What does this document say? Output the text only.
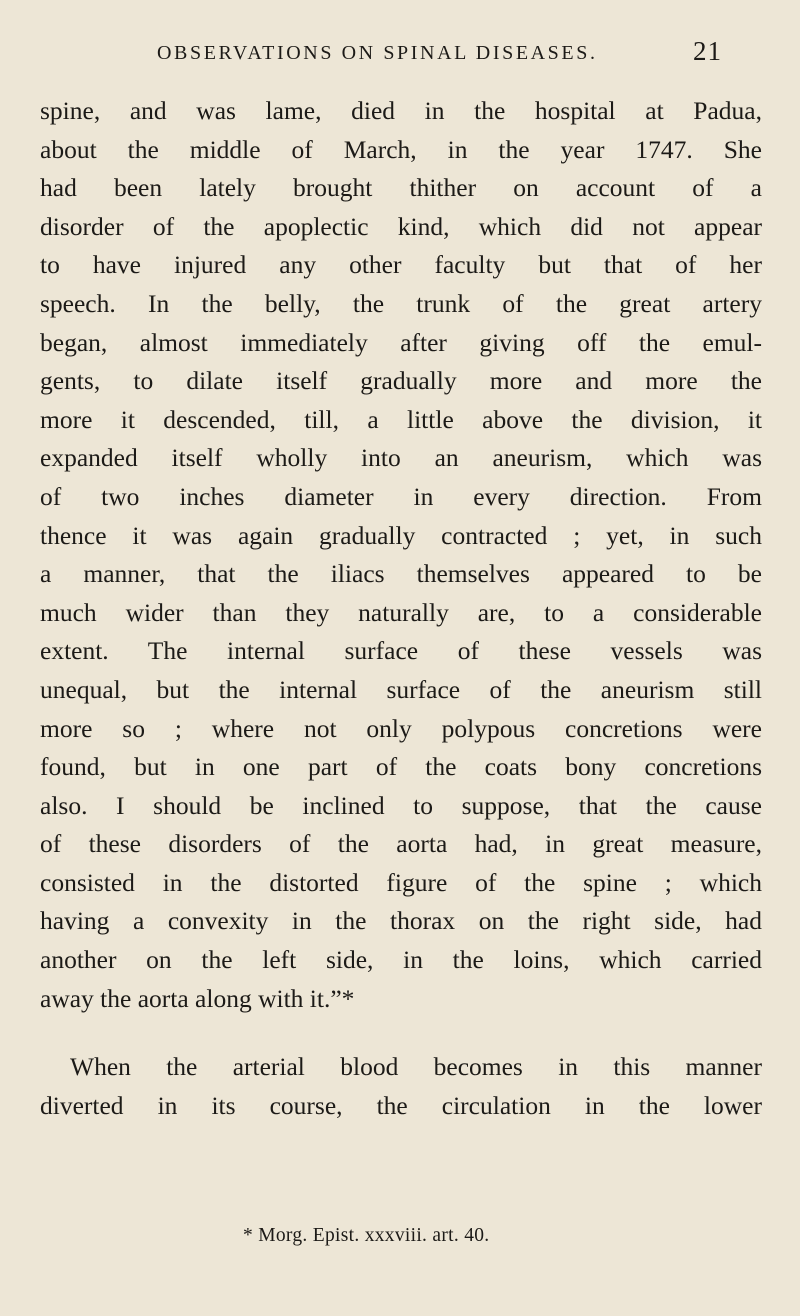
OBSERVATIONS ON SPINAL DISEASES.	21
spine, and was lame, died in the hospital at Padua,
about the middle of March, in the year 1747. She
had been lately brought thither on account of a
disorder of the apoplectic kind, which did not appear
to have injured any other faculty but that of her
speech. In the belly, the trunk of the great artery
began, almost immediately after giving off the emul-
gents, to dilate itself gradually more and more the
more it descended, till, a little above the division, it
expanded itself wholly into an aneurism, which was
of two inches diameter in every direction. From
thence it was again gradually contracted ; yet, in such
a manner, that the iliacs themselves appeared to be
much wider than they naturally are, to a considerable
extent. The internal surface of these vessels was
unequal, but the internal surface of the aneurism still
more so ; where not only polypous concretions were
found, but in one part of the coats bony concretions
also. I should be inclined to suppose, that the cause
of these disorders of the aorta had, in great measure,
consisted in the distorted figure of the spine ; which
having a convexity in the thorax on the right side, had
another on the left side, in the loins, which carried
away the aorta along with it.”*
When the arterial blood becomes in this manner
diverted in its course, the circulation in the lower
* Morg. Epist. xxxviii. art. 40.
